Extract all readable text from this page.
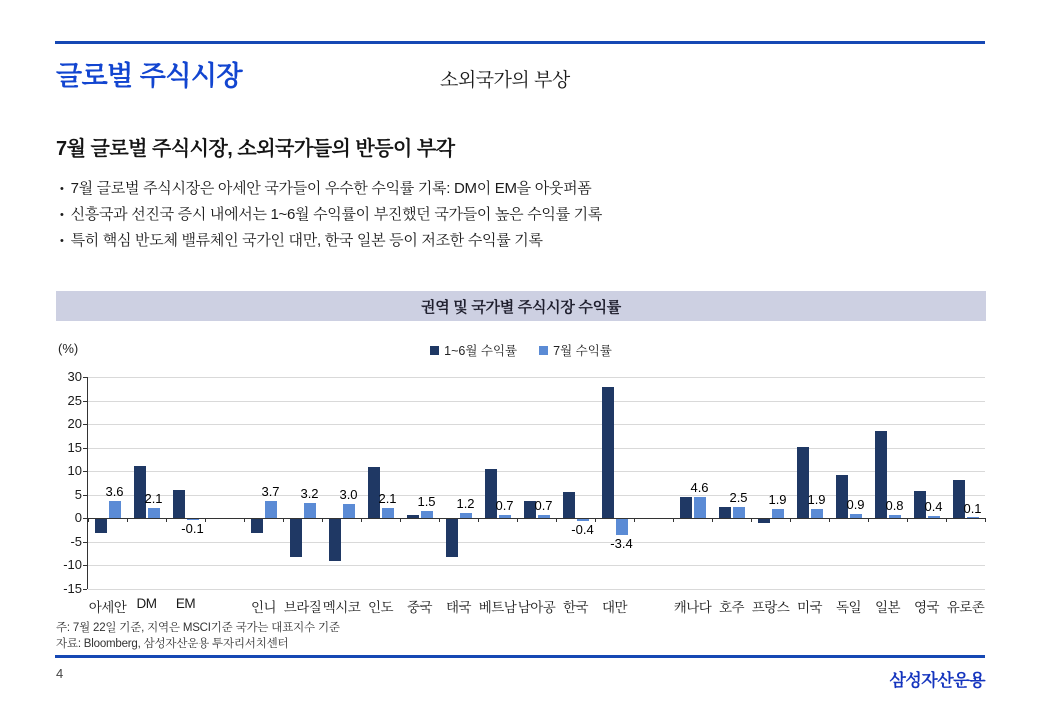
글로벌 주식시장	소외국가의 부상
7월 글로벌 주식시장, 소외국가들의 반등이 부각
• 7월 글로벌 주식시장은 아세안 국가들이 우수한 수익률 기록: DM이 EM을 아웃퍼폼
• 신흥국과 선진국 증시 내에서는 1~6월 수익률이 부진했던 국가들이 높은 수익률 기록
• 특히 핵심 반도체 밸류체인 국가인 대만, 한국 일본 등이 저조한 수익률 기록
권역 및 국가별 주식시장 수익률
(%)	1~6월 수익률	7월 수익률
3.6 2.1
-0.1
3.7 3.2 3.0 2.1 1.5 1.2 0.7 0.7
-0.4
-3.4
4.6
2.5 1.9 1.9 0.9 0.8 0.4 0.1
아세안 DM EM	인니 브라질 멕시코 인도 중국 태국 베트남 남아공 한국 대만	캐나다 호주 프랑스 미국 독일 일본 영국 유로존
30
25
20
15
10
5
0
-5
-10
-15
주: 7월 22일 기준, 지역은 MSCI기준 국가는 대표지수 기준
자료: Bloomberg, 삼성자산운용 투자리서치센터
4	삼성자산운용
